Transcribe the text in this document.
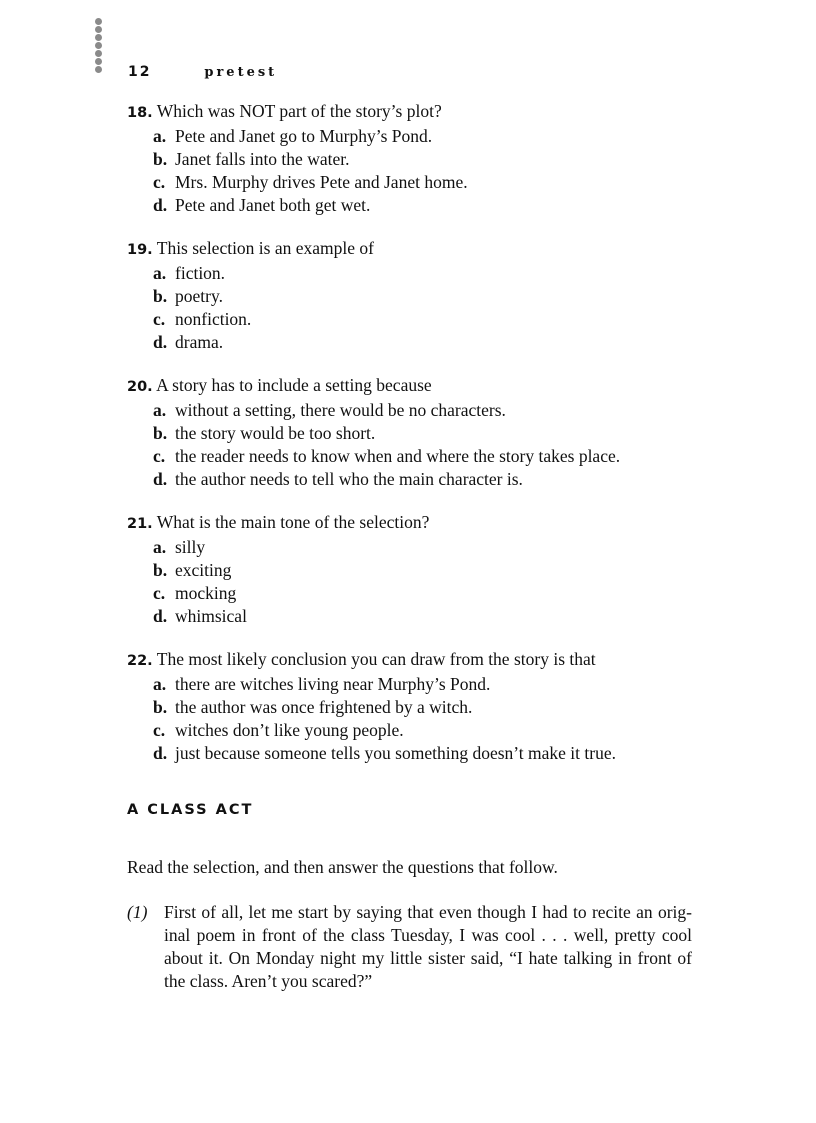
12	pretest

18. Which was NOT part of the story’s plot?

a. Pete and Janet go to Murphy’s Pond.
b. Janet falls into the water.
c. Mrs. Murphy drives Pete and Janet home.
d. Pete and Janet both get wet.

19. This selection is an example of

a. fiction.
b. poetry.
c. nonfiction.
d. drama.

20. A story has to include a setting because

a. without a setting, there would be no characters.
b. the story would be too short.
c. the reader needs to know when and where the story takes place.
d. the author needs to tell who the main character is.

21. What is the main tone of the selection?

a. silly
b. exciting
c. mocking
d. whimsical

22. The most likely conclusion you can draw from the story is that

a. there are witches living near Murphy’s Pond.
b. the author was once frightened by a witch.
c. witches don’t like young people.
d. just because someone tells you something doesn’t make it true.
A CLASS ACT

Read the selection, and then answer the questions that follow.

(1) First of all, let me start by saying that even though I had to recite an orig-inal poem in front of the class Tuesday, I was cool . . . well, pretty cool about it. On Monday night my little sister said, “I hate talking in front of the class. Aren’t you scared?”
